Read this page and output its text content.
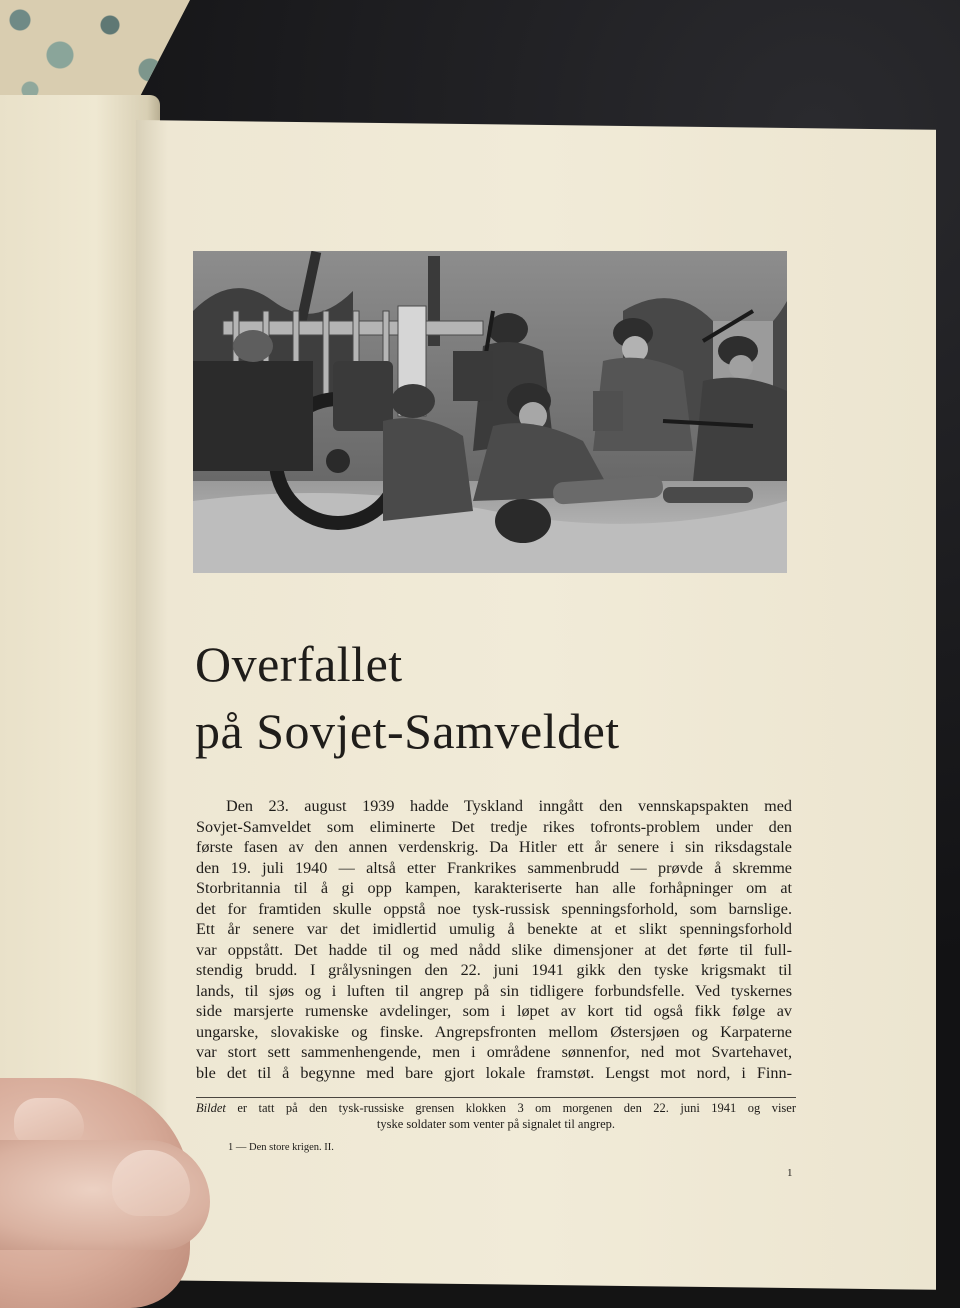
Overfallet
på Sovjet-Samveldet
Den 23. august 1939 hadde Tyskland inngått den vennskapspakten med
Sovjet-Samveldet som eliminerte Det tredje rikes tofronts-problem under den
første fasen av den annen verdenskrig. Da Hitler ett år senere i sin riksdagstale
den 19. juli 1940 — altså etter Frankrikes sammenbrudd — prøvde å skremme
Storbritannia til å gi opp kampen, karakteriserte han alle forhåpninger om at
det for framtiden skulle oppstå noe tysk-russisk spenningsforhold, som barnslige.
Ett år senere var det imidlertid umulig å benekte at et slikt spenningsforhold
var oppstått. Det hadde til og med nådd slike dimensjoner at det førte til full-
stendig brudd. I grålysningen den 22. juni 1941 gikk den tyske krigsmakt til
lands, til sjøs og i luften til angrep på sin tidligere forbundsfelle. Ved tyskernes
side marsjerte rumenske avdelinger, som i løpet av kort tid også fikk følge av
ungarske, slovakiske og finske. Angrepsfronten mellom Østersjøen og Karpaterne
var stort sett sammenhengende, men i områdene sønnenfor, ned mot Svartehavet,
ble det til å begynne med bare gjort lokale framstøt. Lengst mot nord, i Finn-
Bildet er tatt på den tysk-russiske grensen klokken 3 om morgenen den 22. juni 1941 og viser
tyske soldater som venter på signalet til angrep.
1 — Den store krigen. II.
1
